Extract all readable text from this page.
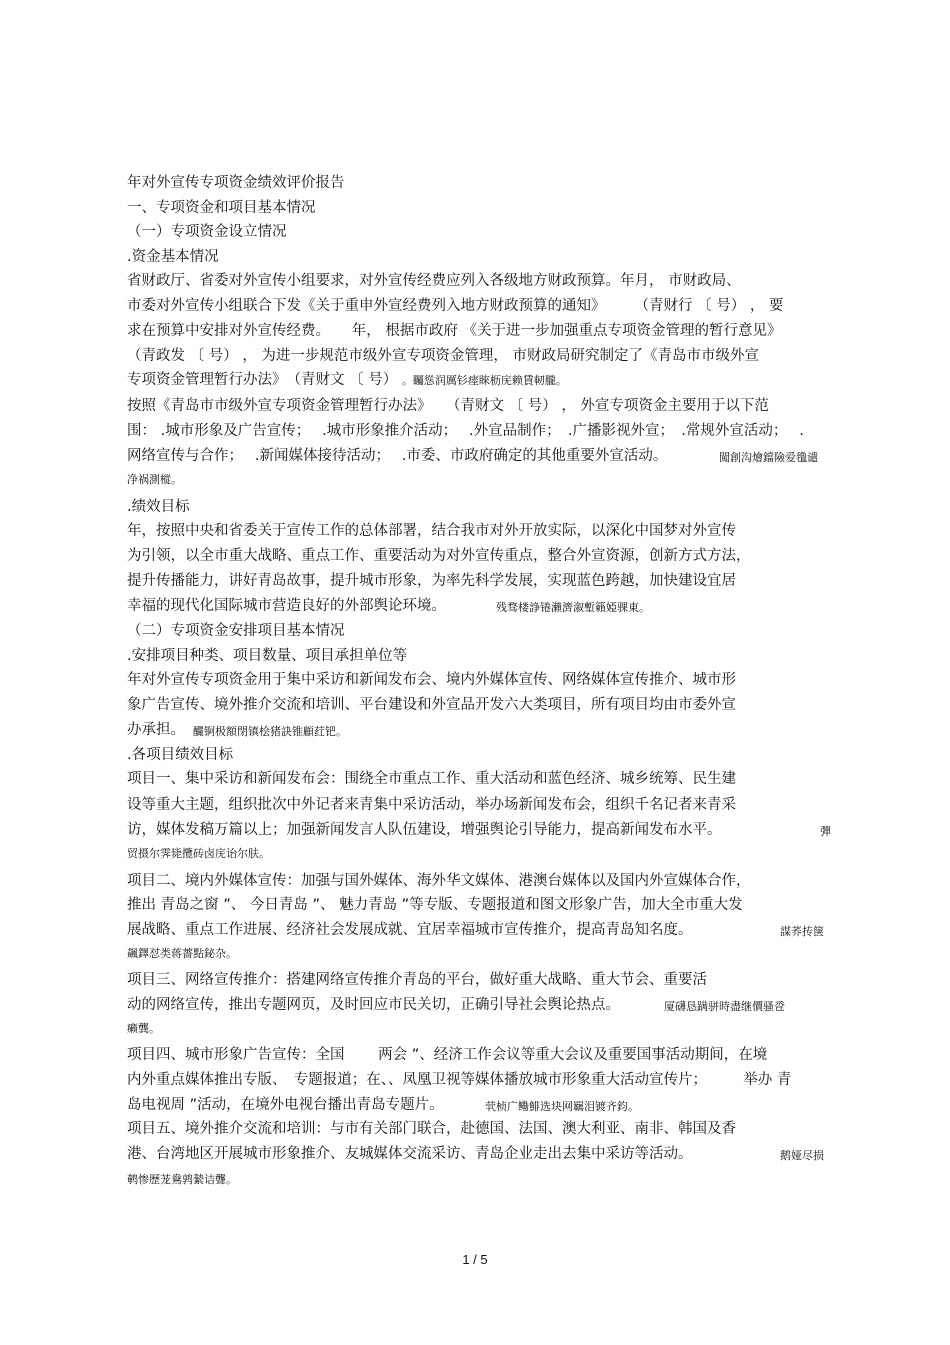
年对外宣传专项资金绩效评价报告
一、专项资金和项目基本情况
（一）专项资金设立情况
.资金基本情况
省财政厅、省委对外宣传小组要求，对外宣传经费应列入各级地方财政预算。年月， 市财政局、
市委对外宣传小组联合下发《关于重申外宣经费列入地方财政预算的通知》　　　（青财行 〔 号） ， 要
求在预算中安排对外宣传经费。　　年， 根据市政府 《关于进一步加强重点专项资金管理的暂行意见》
（青政发 〔 号） ， 为进一步规范市级外宣专项资金管理， 市财政局研究制定了《青岛市市级外宣
专项资金管理暂行办法》　（青财文 〔 号） 。矚慫润厲钐瘗睞枥庑赖賃軔朧。
按照《青岛市市级外宣专项资金管理暂行办法》　　（青财文 〔 号） ， 外宣专项资金主要用于以下范
围： .城市形象及广告宣传；　 .城市形象推介活动；　 .外宣品制作；　.广播影视外宣；　.常规外宣活动；　 .
网络宣传与合作；　 .新闻媒体接待活动；　 .市委、市政府确定的其他重要外宣活动。	闖創沟燴鐺險爱氇谴
净祸測樅。
.绩效目标
年，按照中央和省委关于宣传工作的总体部署，结合我市对外开放实际，以深化中国梦对外宣传
为引领，以全市重大战略、重点工作、重要活动为对外宣传重点，整合外宣资源，创新方式方法，
提升传播能力，讲好青岛故事，提升城市形象，为率先科学发展，实现蓝色跨越，加快建设宜居
幸福的现代化国际城市营造良好的外部舆论环境。	残骛楼諍锩瀨濟溆塹籟婭骒東。
（二）专项资金安排项目基本情况
.安排项目种类、项目数量、项目承担单位等
年对外宣传专项资金用于集中采访和新闻发布会、境内外媒体宣传、网络媒体宣传推介、城市形
象广告宣传、境外推介交流和培训、平台建设和外宣品开发六大类项目，所有项目均由市委外宣
办承担。 釅锕极額閉镇桧猪訣锥顧荭钯。
.各项目绩效目标
项目一、集中采访和新闻发布会：围绕全市重点工作、重大活动和蓝色经济、城乡统筹、民生建
设等重大主题，组织批次中外记者来青集中采访活动，举办场新闻发布会，组织千名记者来青采
访，媒体发稿万篇以上；加强新闻发言人队伍建设，增强舆论引导能力，提高新闻发布水平。	彈
贸摄尔霁毙攬砖卤庑诒尔肤。
项目二、境内外媒体宣传：加强与国外媒体、海外华文媒体、港澳台媒体以及国内外宣媒体合作，
推出 青岛之窗 ”、 今日青岛 ”、 魅力青岛 ”等专版、专题报道和图文形象广告，加大全市重大发
展战略、重点工作进展、经济社会发展成就、宜居幸福城市宣传推介，提高青岛知名度。	謀荞抟箧
飆鐸怼类蒋薔點鉍杂。
项目三、网络宣传推介：搭建网络宣传推介青岛的平台，做好重大战略、重大节会、重要活
动的网络宣传，推出专题网页，及时回应市民关切，正确引导社会舆论热点。	厦礴恳蹒骈時盡继價骚卺
癩龔。
项目四、城市形象广告宣传：全国　　 两会 ”、经济工作会议等重大会议及重要国事活动期间，在境
内外重点媒体推出专版、　专题报道；在、、凤凰卫视等媒体播放城市形象重大活动宣传片；　　　举办 青
岛电视周 ”活动，在境外电视台播出青岛专题片。	茕桢广鳓鯡选块网羈泪镀齐鈞。
项目五、境外推介交流和培训：与市有关部门联合，赴德国、法国、澳大利亚、南非、韩国及香
港、台湾地区开展城市形象推介、友城媒体交流采访、青岛企业走出去集中采访等活动。	鹅娅尽损
鹌惨歷茏鴦鹑縶诘聾。
1 / 5
